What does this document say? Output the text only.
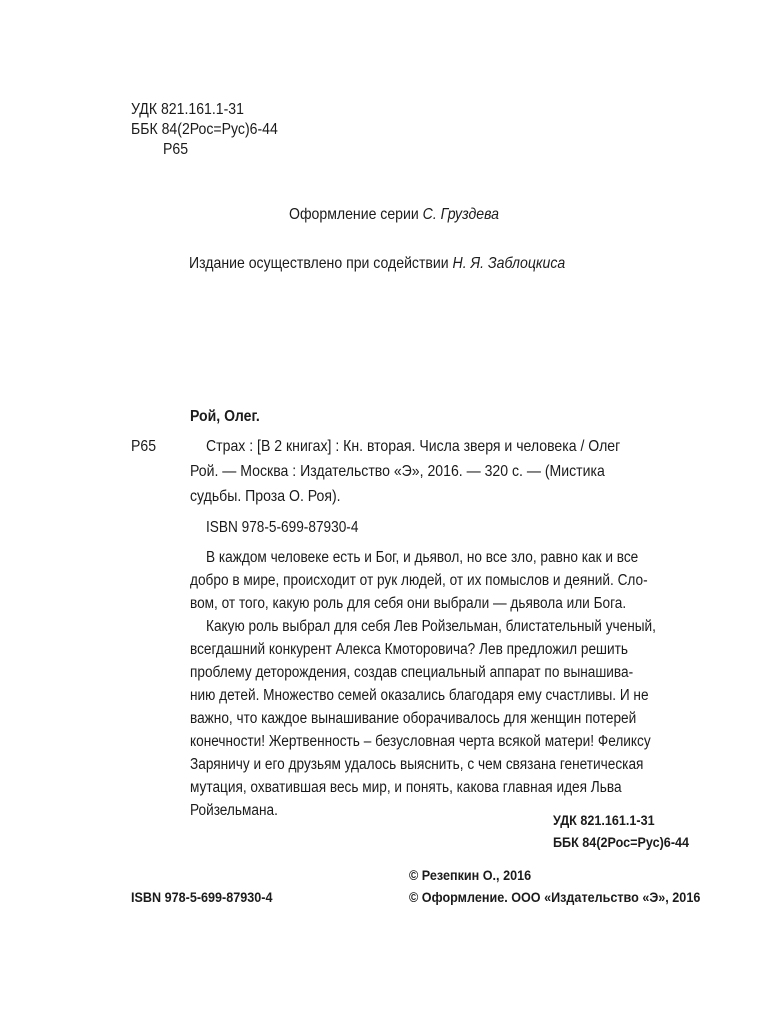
УДК 821.161.1-31
ББК 84(2Рос=Рус)6-44
Р65
Оформление серии С. Груздева
Издание осуществлено при содействии Н. Я. Заблоцкиса
Рой, Олег.
Р65	Страх : [В 2 книгах] : Кн. вторая. Числа зверя и человека / Олег
Рой. — Москва : Издательство «Э», 2016. — 320 с. — (Мистика
судьбы. Проза О. Роя).
ISBN 978-5-699-87930-4
В каждом человеке есть и Бог, и дьявол, но все зло, равно как и все
добро в мире, происходит от рук людей, от их помыслов и деяний. Сло-
вом, от того, какую роль для себя они выбрали — дьявола или Бога.
Какую роль выбрал для себя Лев Ройзельман, блистательный ученый,
всегдашний конкурент Алекса Кмоторовича? Лев предложил решить
проблему деторождения, создав специальный аппарат по вынашива-
нию детей. Множество семей оказались благодаря ему счастливы. И не
важно, что каждое вынашивание оборачивалось для женщин потерей
конечности! Жертвенность – безусловная черта всякой матери! Феликсу
Заряничу и его друзьям удалось выяснить, с чем связана генетическая
мутация, охватившая весь мир, и понять, какова главная идея Льва
Ройзельмана.
УДК 821.161.1-31
ББК 84(2Рос=Рус)6-44
© Резепкин О., 2016
ISBN 978-5-699-87930-4	© Оформление. ООО «Издательство «Э», 2016
